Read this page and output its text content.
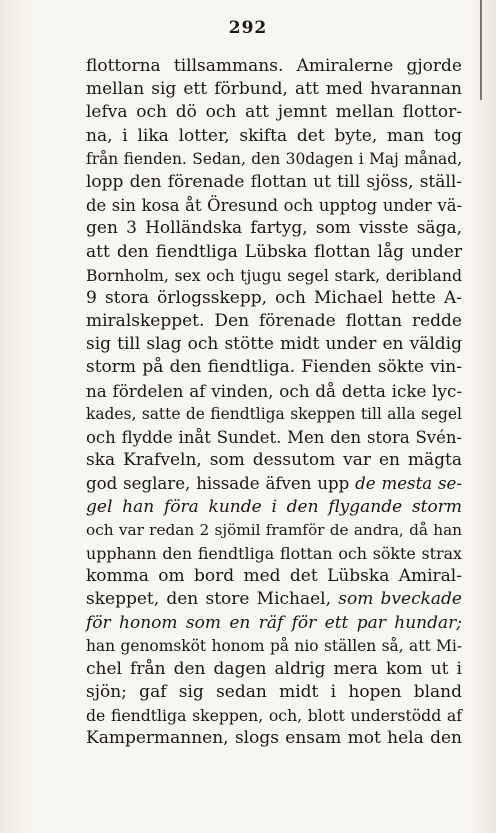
292
flottorna tillsammans. Amiralerne gjorde
mellan sig ett förbund, att med hvarannan
lefva och dö och att jemnt mellan flottor-
na, i lika lotter, skifta det byte, man tog
från fienden. Sedan, den 30dagen i Maj månad,
lopp den förenade flottan ut till sjöss, ställ-
de sin kosa åt Öresund och upptog under vä-
gen 3 Holländska fartyg, som visste säga,
att den fiendtliga Lübska flottan låg under
Bornholm, sex och tjugu segel stark, deribland
9 stora örlogsskepp, och Michael hette A-
miralskeppet. Den förenade flottan redde
sig till slag och stötte midt under en väldig
storm på den fiendtliga. Fienden sökte vin-
na fördelen af vinden, och då detta icke lyc-
kades, satte de fiendtliga skeppen till alla segel
och flydde inåt Sundet. Men den stora Svén-
ska Krafveln, som dessutom var en mägta
god seglare, hissade äfven upp de mesta se-
gel han föra kunde i den flygande storm
och var redan 2 sjömil framför de andra, då han
upphann den fiendtliga flottan och sökte strax
komma om bord med det Lübska Amiral-
skeppet, den store Michael, som bveckade
för honom som en räf för ett par hundar;
han genomsköt honom på nio ställen så, att Mi-
chel från den dagen aldrig mera kom ut i
sjön; gaf sig sedan midt i hopen bland
de fiendtliga skeppen, och, blott understödd af
Kampermannen, slogs ensam mot hela den
